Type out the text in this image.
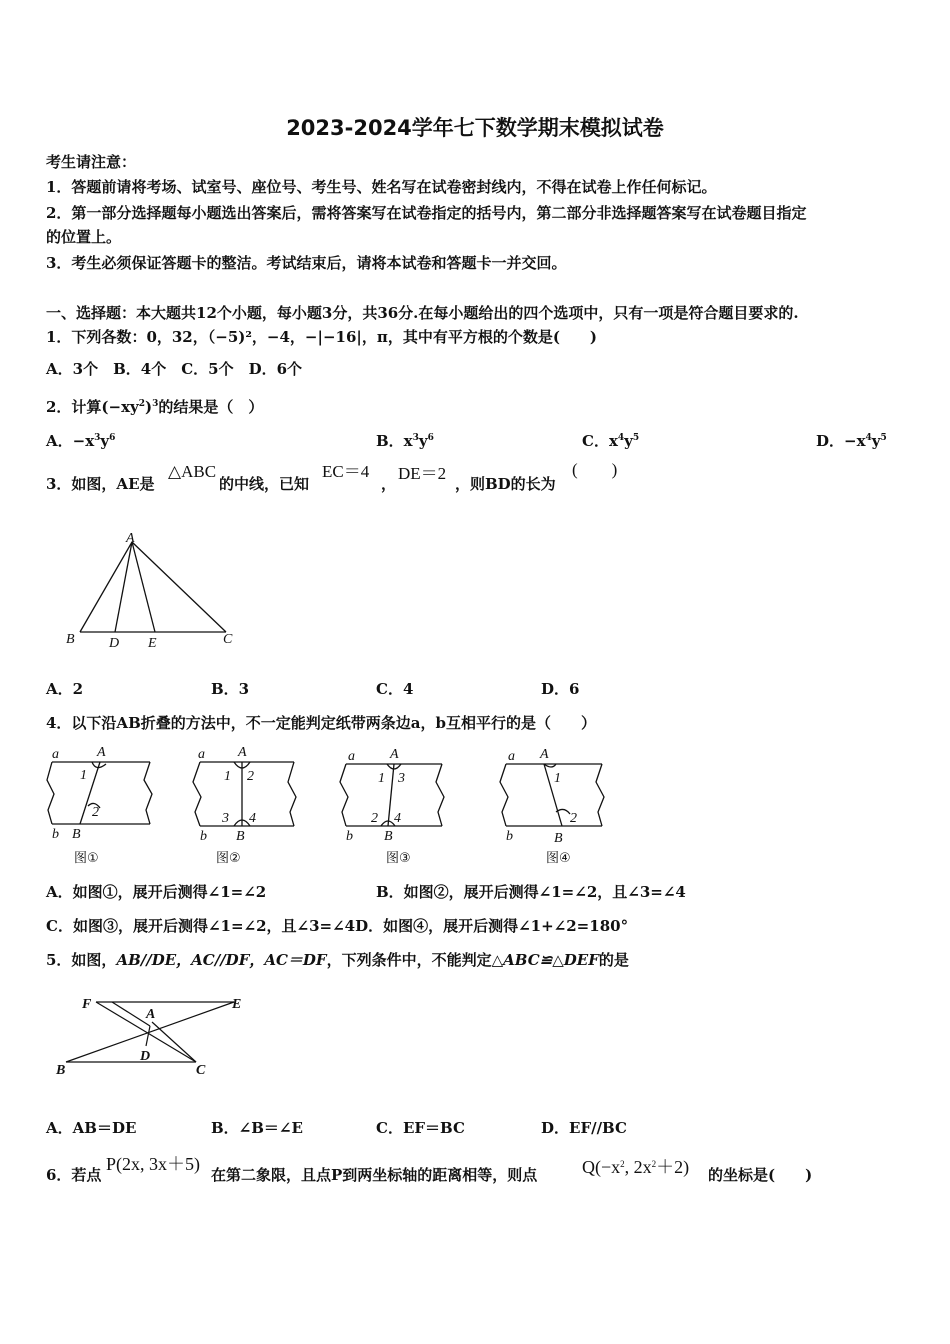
2023-2024学年七下数学期末模拟试卷
考生请注意：
1．答题前请将考场、试室号、座位号、考生号、姓名写在试卷密封线内，不得在试卷上作任何标记。
2．第一部分选择题每小题选出答案后，需将答案写在试卷指定的括号内，第二部分非选择题答案写在试卷题目指定
的位置上。
3．考生必须保证答题卡的整洁。考试结束后，请将本试卷和答题卡一并交回。
一、选择题：本大题共12个小题，每小题3分，共36分.在每小题给出的四个选项中，只有一项是符合题目要求的.
1．下列各数：0，32，（−5)²，−4，−|−16|，π，其中有平方根的个数是(　　)
A．3个　B．4个　C．5个　D．6个
2．计算$(-xy^2)^3$的结果是（　）
A．$-x^3y^6$	B．$x^3y^6$	C．$x^4y^5$	D．$-x^4y^5$
3．如图，AE是
△ABC
的中线，已知
EC＝4
，
DE＝2
，则BD的长为
(　　)
A
B D E	C
A．2	B．3	C．4	D．6
4．以下沿AB折叠的方法中，不一定能判定纸带两条边a，b互相平行的是（　　）
a	A
1
2
b B
图①
a A
1 2
3 4
b B
图②
a	A
1 3
2 4
b B
图③
a A
1
2
b	B
图④
A．如图①，展开后测得∠1=∠2	B．如图②，展开后测得∠1=∠2，且∠3=∠4
C．如图③，展开后测得∠1=∠2，且∠3=∠4D．如图④，展开后测得∠1+∠2=180°
5．如图，AB//DE，AC//DF，AC＝DF，下列条件中，不能判定△ABC≌△DEF的是
F	E
A
D
B	C
A．AB＝DE	B．∠B＝∠E	C．EF＝BC	D．EF//BC
6．若点
P(2x, 3x＋5)
在第二象限，且点P到两坐标轴的距离相等，则点 $Q(-x^2$, $2x^2+2$) 的坐标是(　　)
